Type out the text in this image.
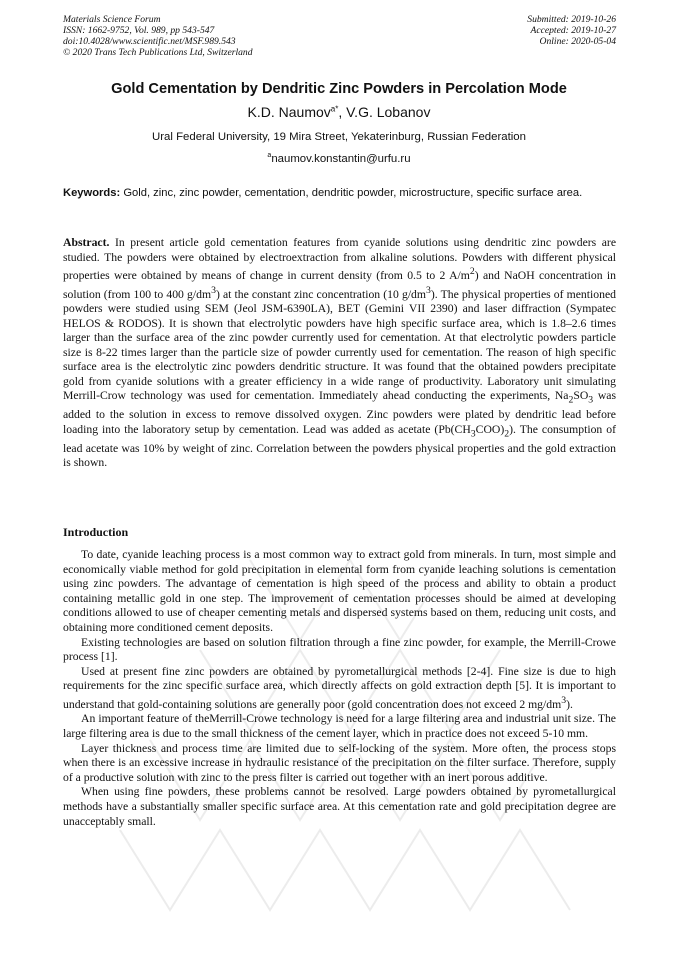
Materials Science Forum
ISSN: 1662-9752, Vol. 989, pp 543-547
doi:10.4028/www.scientific.net/MSF.989.543
© 2020 Trans Tech Publications Ltd, Switzerland
Submitted: 2019-10-26
Accepted: 2019-10-27
Online: 2020-05-04
Gold Cementation by Dendritic Zinc Powders in Percolation Mode
K.D. Naumov$^{a*}$, V.G. Lobanov
Ural Federal University, 19 Mira Street, Yekaterinburg, Russian Federation
$^a$naumov.konstantin@urfu.ru
Keywords: Gold, zinc, zinc powder, cementation, dendritic powder, microstructure, specific surface area.

Abstract. In present article gold cementation features from cyanide solutions using dendritic zinc powders are studied. The powders were obtained by electroextraction from alkaline solutions. Powders with different physical properties were obtained by means of change in current density (from 0.5 to 2 $A/m^2$) and NaOH concentration in solution (from 100 to 400 $g/dm^3$) at the constant zinc concentration (10 $g/dm^3$). The physical properties of mentioned powders were studied using SEM (Jeol JSM-6390LA), BET (Gemini VII 2390) and laser diffraction (Sympatec HELOS & RODOS). It is shown that electrolytic powders have high specific surface area, which is 1.8–2.6 times larger than the surface area of the zinc powder currently used for cementation. At that electrolytic powders particle size is 8-22 times larger than the particle size of powder currently used for cementation. The reason of high specific surface area is the electrolytic zinc powders dendritic structure. It was found that the obtained powders precipitate gold from cyanide solutions with a greater efficiency in a wide range of productivity. Laboratory unit simulating Merrill-Crow technology was used for cementation. Immediately ahead conducting the experiments, $Na_2SO_3$ was added to the solution in excess to remove dissolved oxygen. Zinc powders were plated by dendritic lead before loading into the laboratory setup by cementation. Lead was added as acetate $(Pb(CH_3COO)_2)$. The consumption of lead acetate was 10% by weight of zinc. Correlation between the powders physical properties and the gold extraction is shown.

Introduction

To date, cyanide leaching process is a most common way to extract gold from minerals. In turn, most simple and economically viable method for gold precipitation in elemental form from cyanide leaching solutions is cementation using zinc powders. The advantage of cementation is high speed of the process and ability to obtain a product containing metallic gold in one step. The improvement of cementation processes should be aimed at developing conditions allowed to use of cheaper cementing metals and dispersed systems based on them, reducing unit costs, and obtaining more conditioned cement deposits.

Existing technologies are based on solution filtration through a fine zinc powder, for example, the Merrill-Crowe process [1].

Used at present fine zinc powders are obtained by pyrometallurgical methods [2-4]. Fine size is due to high requirements for the zinc specific surface area, which directly affects on gold extraction depth [5]. It is important to understand that gold-containing solutions are generally poor (gold concentration does not exceed 2 $mg/dm^3$).

An important feature of theMerrill-Crowe technology is need for a large filtering area and industrial unit size. The large filtering area is due to the small thickness of the cement layer, which in practice does not exceed 5-10 mm.

Layer thickness and process time are limited due to self-locking of the system. More often, the process stops when there is an excessive increase in hydraulic resistance of the precipitation on the filter surface. Therefore, supply of a productive solution with zinc to the press filter is carried out together with an inert porous additive.

When using fine powders, these problems cannot be resolved. Large powders obtained by pyrometallurgical methods have a substantially smaller specific surface area. At this cementation rate and gold precipitation degree are unacceptably small.
